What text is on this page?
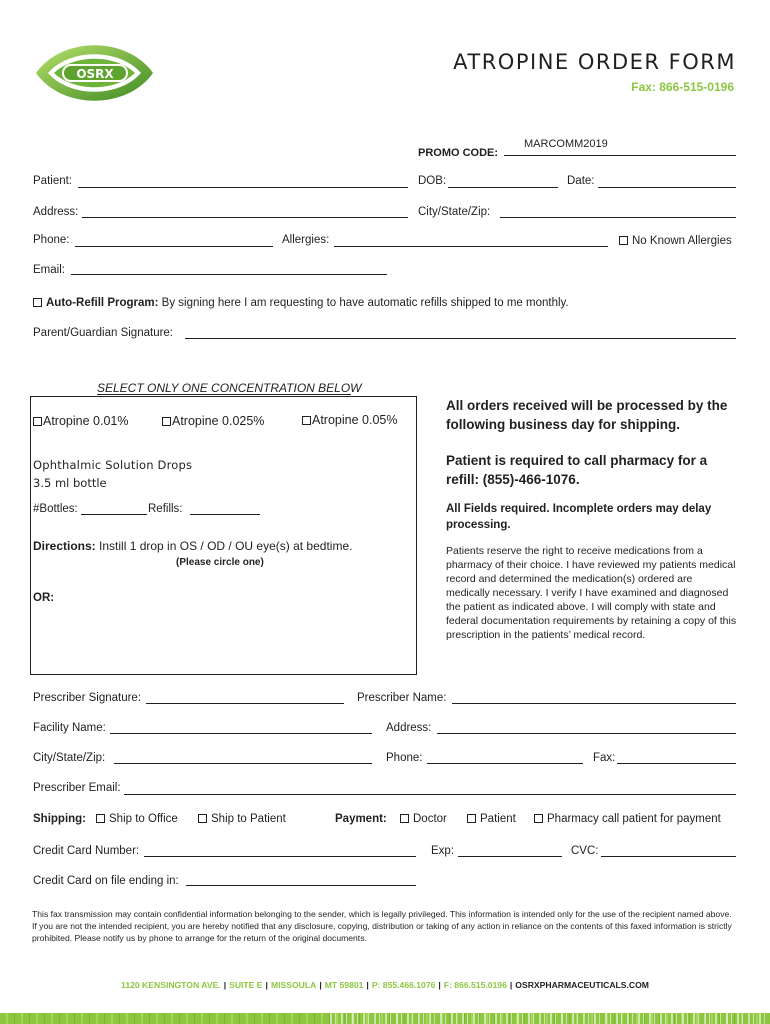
OSRX	ATROPINE ORDER FORM
Fax: 866-515-0196
PROMO CODE:
MARCOMM2019
Patient:	DOB:	Date:
Address:	City/State/Zip:
Phone:	Allergies:	No Known Allergies
Email:
Auto-Refill Program: By signing here I am requesting to have automatic refills shipped to me monthly.
Parent/Guardian Signature:
SELECT ONLY ONE CONCENTRATION BELOW
Atropine 0.01%	Atropine 0.025%	Atropine 0.05%
Ophthalmic Solution Drops
3.5 ml bottle
#Bottles:	Refills:
Directions: Instill 1 drop in OS / OD / OU eye(s) at bedtime.
(Please circle one)
OR:
All orders received will be processed by the following business day for shipping.
Patient is required to call pharmacy for a refill: (855)-466-1076.
All Fields required. Incomplete orders may delay processing.
Patients reserve the right to receive medications from a pharmacy of their choice. I have reviewed my patients medical record and determined the medication(s) ordered are medically necessary. I verify I have examined and diagnosed the patient as indicated above. I will comply with state and federal documentation requirements by retaining a copy of this prescription in the patients’ medical record.
Prescriber Signature:	Prescriber Name:
Facility Name:	Address:
City/State/Zip:	Phone:	Fax:
Prescriber Email:
Shipping:	Ship to Office	Ship to Patient	Payment:	Doctor	Patient	Pharmacy call patient for payment
Credit Card Number:	Exp:	CVC:
Credit Card on file ending in:
This fax transmission may contain confidential information belonging to the sender, which is legally privileged. This information is intended only for the use of the recipient named above. If you are not the intended recipient, you are hereby notified that any disclosure, copying, distribution or taking of any action in reliance on the contents of this faxed information is strictly prohibited. Please notify us by phone to arrange for the return of the original documents.
1120 KENSINGTON AVE. | SUITE E | MISSOULA | MT 59801 | P: 855.466.1076 | F: 866.515.0196 | OSRXPHARMACEUTICALS.COM
